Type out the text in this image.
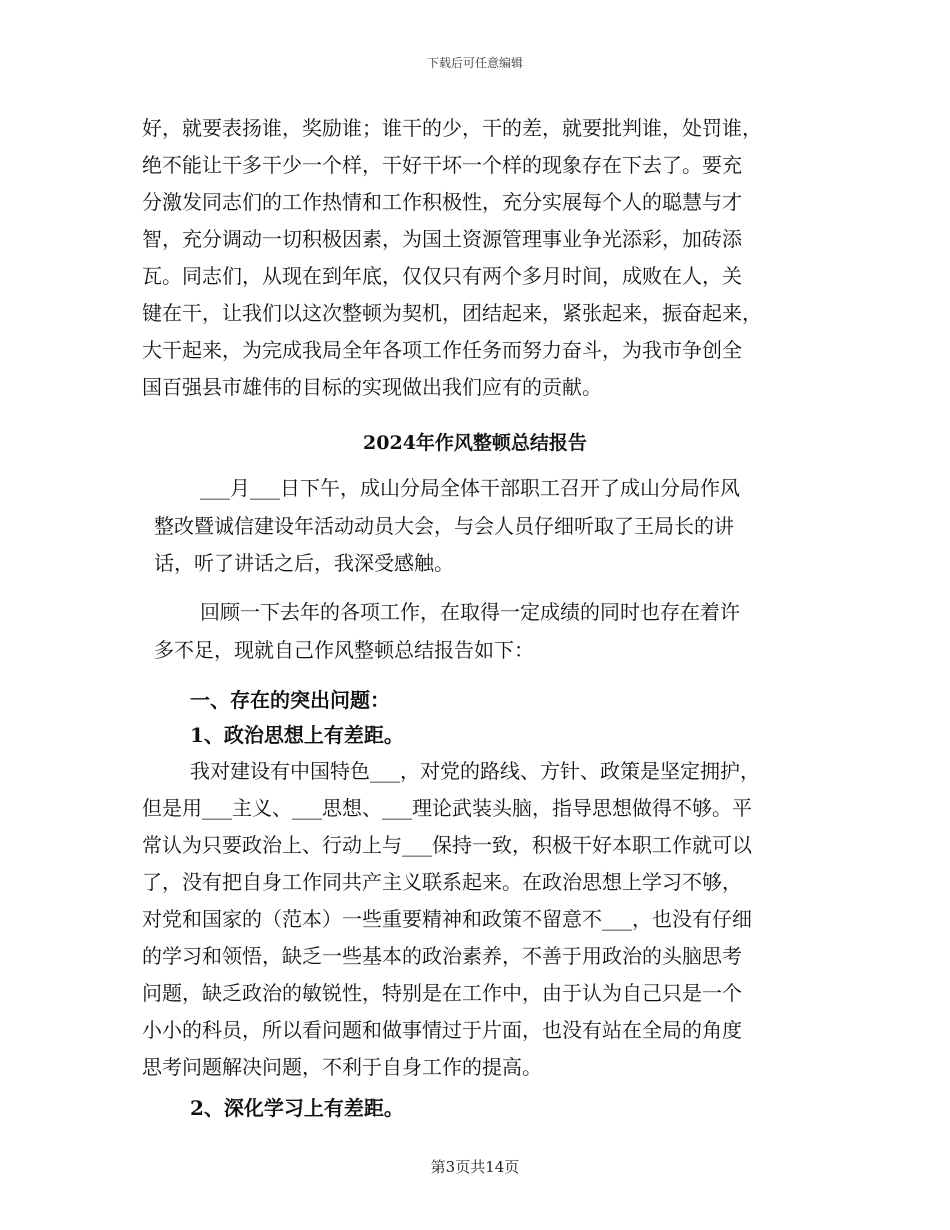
下载后可任意编辑
好，就要表扬谁，奖励谁；谁干的少，干的差，就要批判谁，处罚谁，
绝不能让干多干少一个样，干好干坏一个样的现象存在下去了。要充
分激发同志们的工作热情和工作积极性，充分实展每个人的聪慧与才
智，充分调动一切积极因素，为国土资源管理事业争光添彩，加砖添
瓦。同志们，从现在到年底，仅仅只有两个多月时间，成败在人，关
键在干，让我们以这次整顿为契机，团结起来，紧张起来，振奋起来，
大干起来，为完成我局全年各项工作任务而努力奋斗，为我市争创全
国百强县市雄伟的目标的实现做出我们应有的贡献。
2024年作风整顿总结报告
___月___日下午，成山分局全体干部职工召开了成山分局作风
整改暨诚信建设年活动动员大会，与会人员仔细听取了王局长的讲
话，听了讲话之后，我深受感触。
回顾一下去年的各项工作，在取得一定成绩的同时也存在着许
多不足，现就自己作风整顿总结报告如下：
一、存在的突出问题：
1、政治思想上有差距。
我对建设有中国特色___，对党的路线、方针、政策是坚定拥护，
但是用___主义、___思想、___理论武装头脑，指导思想做得不够。平
常认为只要政治上、行动上与___保持一致，积极干好本职工作就可以
了，没有把自身工作同共产主义联系起来。在政治思想上学习不够，
对党和国家的（范本）一些重要精神和政策不留意不___，也没有仔细
的学习和领悟，缺乏一些基本的政治素养，不善于用政治的头脑思考
问题，缺乏政治的敏锐性，特别是在工作中，由于认为自己只是一个
小小的科员，所以看问题和做事情过于片面，也没有站在全局的角度
思考问题解决问题，不利于自身工作的提高。
2、深化学习上有差距。
第3页共14页
